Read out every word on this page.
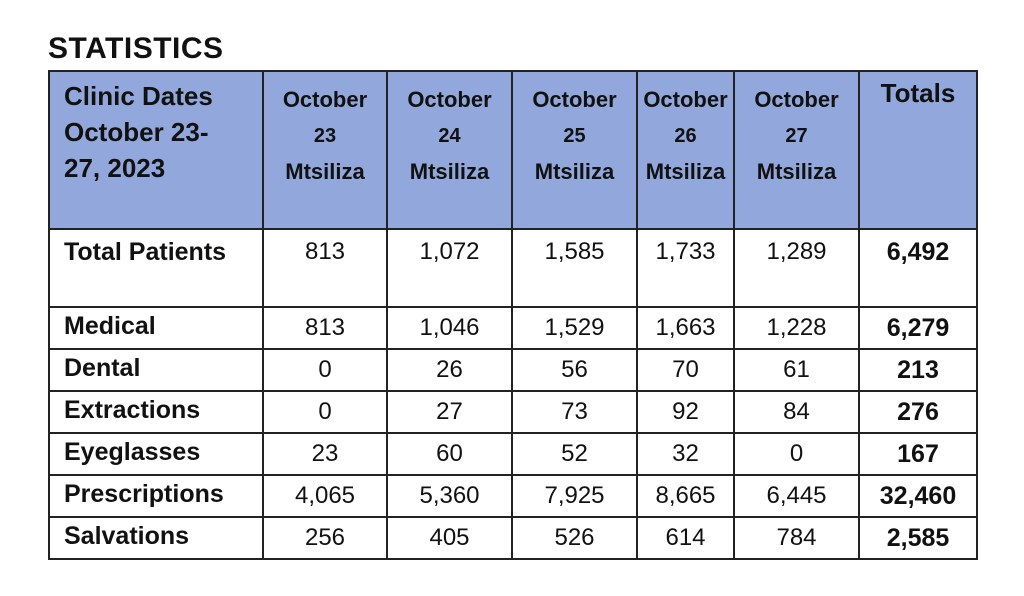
STATISTICS
Clinic Dates
October 23-
27, 2023	October
23
Mtsiliza	October
24
Mtsiliza	October
25
Mtsiliza	October
26
Mtsiliza	October
27
Mtsiliza	Totals
Total Patients	813	1,072	1,585	1,733	1,289	6,492
Medical	813	1,046	1,529	1,663	1,228	6,279
Dental	0	26	56	70	61	213
Extractions	0	27	73	92	84	276
Eyeglasses	23	60	52	32	0	167
Prescriptions	4,065	5,360	7,925	8,665	6,445	32,460
Salvations	256	405	526	614	784	2,585
